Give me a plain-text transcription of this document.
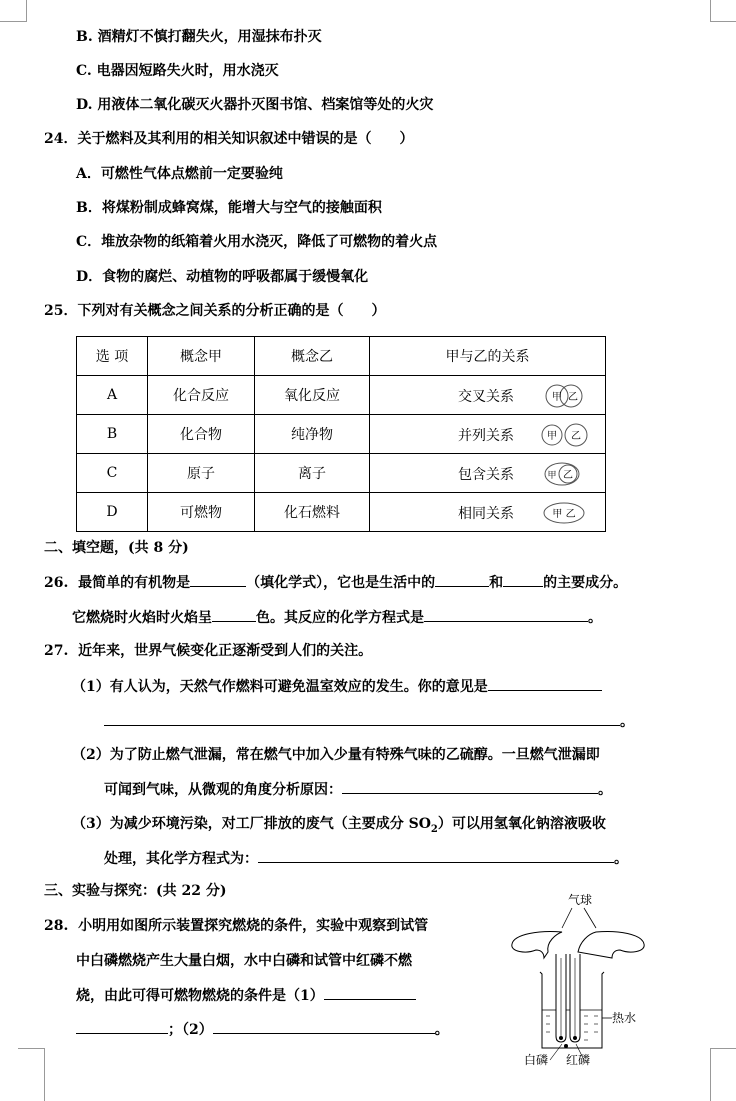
B. 酒精灯不慎打翻失火，用湿抹布扑灭
C. 电器因短路失火时，用水浇灭
D. 用液体二氧化碳灭火器扑灭图书馆、档案馆等处的火灾
24．关于燃料及其利用的相关知识叙述中错误的是（　　）
A．可燃性气体点燃前一定要验纯
B．将煤粉制成蜂窝煤，能增大与空气的接触面积
C．堆放杂物的纸箱着火用水浇灭，降低了可燃物的着火点
D．食物的腐烂、动植物的呼吸都属于缓慢氧化
25．下列对有关概念之间关系的分析正确的是（　　）
选 项	概念甲	概念乙	甲与乙的关系
A	化合反应	氧化反应	交叉关系 甲 乙

B	化合物	纯净物	并列关系 甲 乙

C	原子	离子	包含关系 甲 乙

D	可燃物	化石燃料	相同关系 甲 乙
二、填空题，(共 8 分)
26. 最简单的有机物是	（填化学式），它也是生活中的	和	的主要成分。
它燃烧时火焰时火焰呈	色。其反应的化学方程式是	。
27. 近年来，世界气候变化正逐渐受到人们的关注。
（1）有人认为，天然气作燃料可避免温室效应的发生。你的意见是
。
（2）为了防止燃气泄漏，常在燃气中加入少量有特殊气味的乙硫醇。一旦燃气泄漏即
可闻到气味，从微观的角度分析原因：	。
（3）为减少环境污染，对工厂排放的废气（主要成分 $SO_2$）可以用氢氧化钠溶液吸收
处理，其化学方程式为：	。
三、实验与探究：(共 22 分)
28. 小明用如图所示装置探究燃烧的条件，实验中观察到试管
中白磷燃烧产生大量白烟，水中白磷和试管中红磷不燃
烧，由此可得可燃物燃烧的条件是（1）
；（2）	。
气球
热水
白磷 红磷
